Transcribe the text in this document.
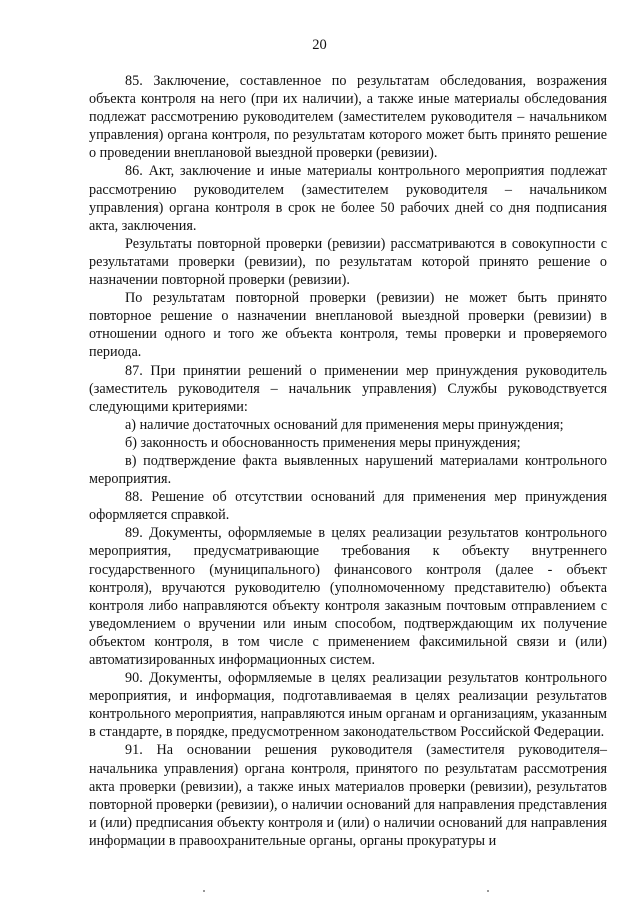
20

85. Заключение, составленное по результатам обследования, возражения объекта контроля на него (при их наличии), а также иные материалы обследования подлежат рассмотрению руководителем (заместителем руководителя – начальником управления) органа контроля, по результатам которого может быть принято решение о проведении внеплановой выездной проверки (ревизии).

86. Акт, заключение и иные материалы контрольного мероприятия подлежат рассмотрению руководителем (заместителем руководителя – начальником управления) органа контроля в срок не более 50 рабочих дней со дня подписания акта, заключения.

Результаты повторной проверки (ревизии) рассматриваются в совокупности с результатами проверки (ревизии), по результатам которой принято решение о назначении повторной проверки (ревизии).

По результатам повторной проверки (ревизии) не может быть принято повторное решение о назначении внеплановой выездной проверки (ревизии) в отношении одного и того же объекта контроля, темы проверки и проверяемого периода.

87. При принятии решений о применении мер принуждения руководитель (заместитель руководителя – начальник управления) Службы руководствуется следующими критериями:

а) наличие достаточных оснований для применения меры принуждения;

б) законность и обоснованность применения меры принуждения;

в) подтверждение факта выявленных нарушений материалами контрольного мероприятия.

88. Решение об отсутствии оснований для применения мер принуждения оформляется справкой.

89. Документы, оформляемые в целях реализации результатов контрольного мероприятия, предусматривающие требования к объекту внутреннего государственного (муниципального) финансового контроля (далее - объект контроля), вручаются руководителю (уполномоченному представителю) объекта контроля либо направляются объекту контроля заказным почтовым отправлением с уведомлением о вручении или иным способом, подтверждающим их получение объектом контроля, в том числе с применением факсимильной связи и (или) автоматизированных информационных систем.

90. Документы, оформляемые в целях реализации результатов контрольного мероприятия, и информация, подготавливаемая в целях реализации результатов контрольного мероприятия, направляются иным органам и организациям, указанным в стандарте, в порядке, предусмотренном законодательством Российской Федерации.

91. На основании решения руководителя (заместителя руководителя– начальника управления) органа контроля, принятого по результатам рассмотрения акта проверки (ревизии), а также иных материалов проверки (ревизии), результатов повторной проверки (ревизии), о наличии оснований для направления представления и (или) предписания объекту контроля и (или) о наличии оснований для направления информации в правоохранительные органы, органы прокуратуры и
